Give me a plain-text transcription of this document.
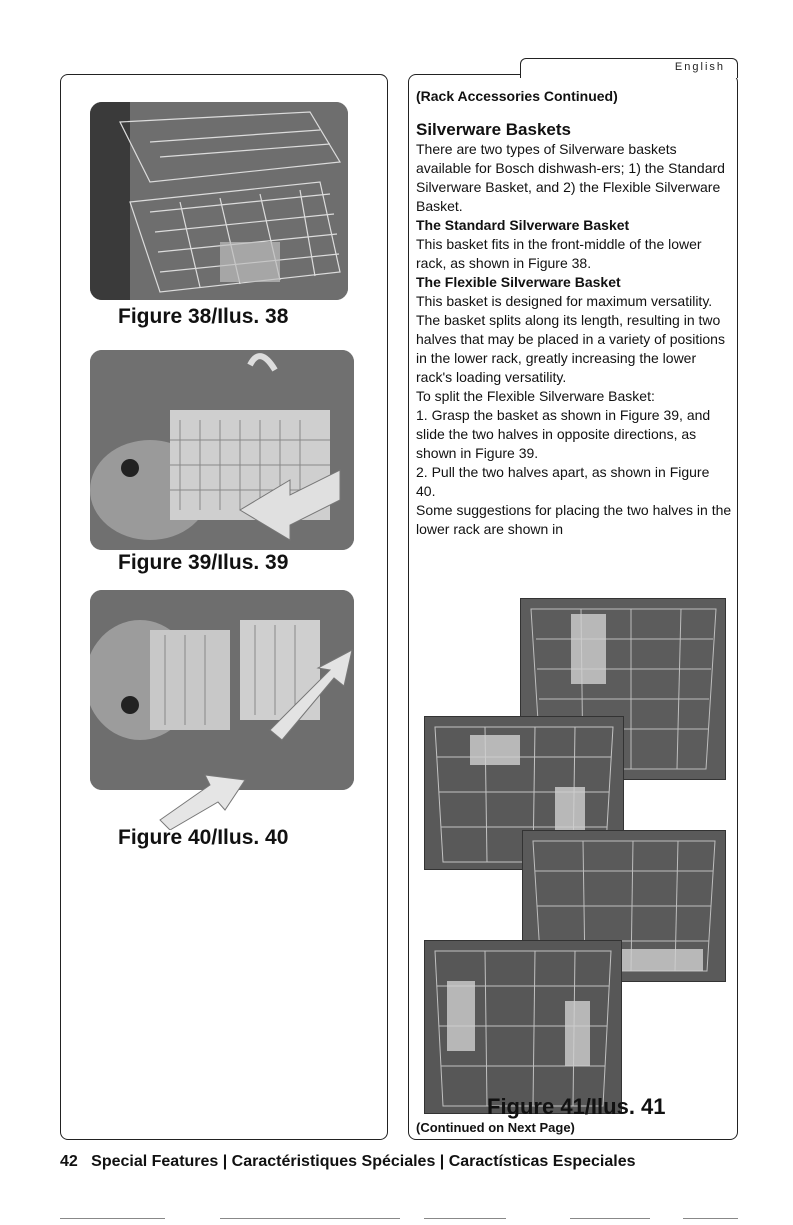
English
Figure 38/Ilus. 38
Figure 39/Ilus. 39
Figure 40/Ilus. 40
(Rack Accessories Continued)

Silverware Baskets

There are two types of Silverware baskets available for Bosch dishwash-ers; 1) the Standard Silverware Basket, and 2) the Flexible Silverware Basket.

The Standard Silverware Basket

This basket fits in the front-middle of the lower rack, as shown in Figure 38.

The Flexible Silverware Basket

This basket is designed for maximum versatility. The basket splits along its length, resulting in two halves that may be placed in a variety of positions in the lower rack, greatly increasing the lower rack's loading versatility.

To split the Flexible Silverware Basket:

1. Grasp the basket as shown in Figure 39, and slide the two halves in opposite directions, as shown in Figure 39.

2. Pull the two halves apart, as shown in Figure 40.

Some suggestions for placing the two halves in the lower rack are shown in

Figure 41/Ilus. 41
(Continued on Next Page)
42 Special Features | Caractéristiques Spéciales | Caractísticas Especiales
